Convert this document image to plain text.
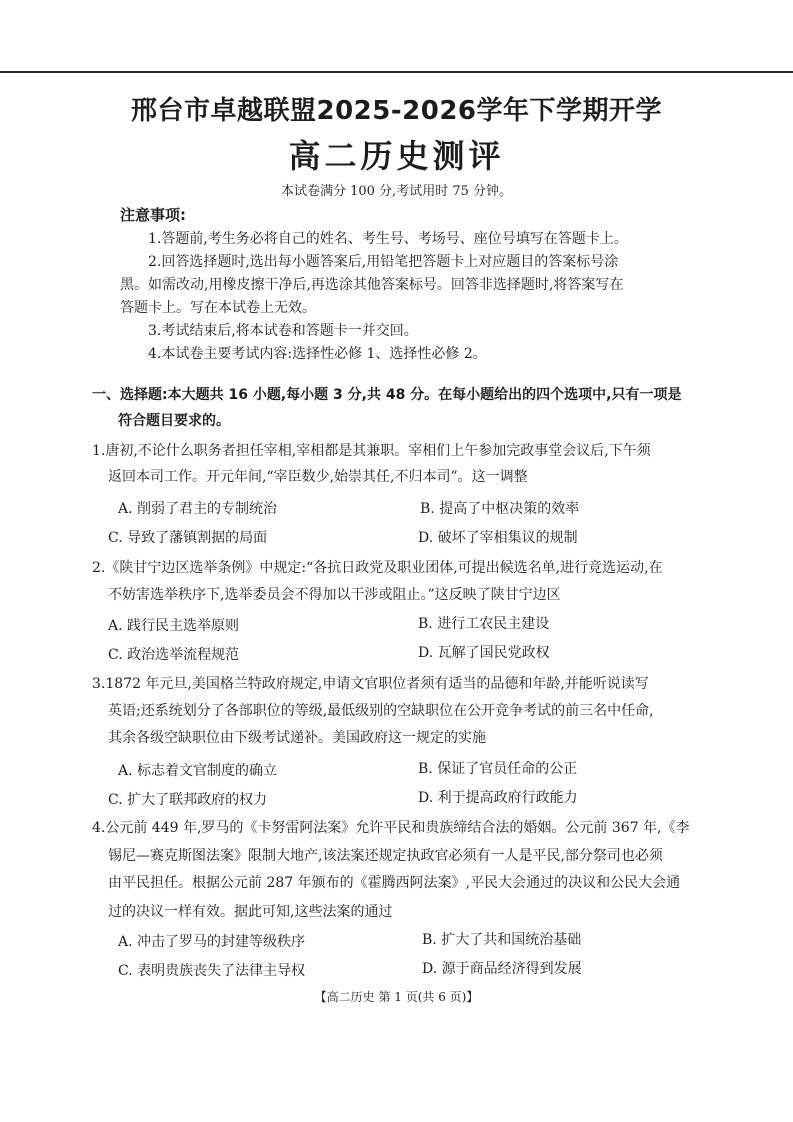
邢台市卓越联盟2025-2026学年下学期开学
高二历史测评
本试卷满分 100 分,考试用时 75 分钟。
注意事项:
1.答题前,考生务必将自己的姓名、考生号、考场号、座位号填写在答题卡上。
2.回答选择题时,选出每小题答案后,用铅笔把答题卡上对应题目的答案标号涂
黑。如需改动,用橡皮擦干净后,再选涂其他答案标号。回答非选择题时,将答案写在
答题卡上。写在本试卷上无效。
3.考试结束后,将本试卷和答题卡一并交回。
4.本试卷主要考试内容:选择性必修 1、选择性必修 2。
一、选择题:本大题共 16 小题,每小题 3 分,共 48 分。在每小题给出的四个选项中,只有一项是
符合题目要求的。
1.唐初,不论什么职务者担任宰相,宰相都是其兼职。宰相们上午参加完政事堂会议后,下午须
返回本司工作。开元年间,“宰臣数少,始崇其任,不归本司”。这一调整
A. 削弱了君主的专制统治	B. 提高了中枢决策的效率
C. 导致了藩镇割据的局面	D. 破坏了宰相集议的规制
2.《陕甘宁边区选举条例》中规定:“各抗日政党及职业团体,可提出候选名单,进行竞选运动,在
不妨害选举秩序下,选举委员会不得加以干涉或阻止。”这反映了陕甘宁边区
A. 践行民主选举原则	B. 进行工农民主建设
C. 政治选举流程规范	D. 瓦解了国民党政权
3.1872 年元旦,美国格兰特政府规定,申请文官职位者须有适当的品德和年龄,并能听说读写
英语;还系统划分了各部职位的等级,最低级别的空缺职位在公开竞争考试的前三名中任命,
其余各级空缺职位由下级考试递补。美国政府这一规定的实施
A. 标志着文官制度的确立	B. 保证了官员任命的公正
C. 扩大了联邦政府的权力	D. 利于提高政府行政能力
4.公元前 449 年,罗马的《卡努雷阿法案》允许平民和贵族缔结合法的婚姻。公元前 367 年,《李
锡尼—赛克斯图法案》限制大地产,该法案还规定执政官必须有一人是平民,部分祭司也必须
由平民担任。根据公元前 287 年颁布的《霍腾西阿法案》,平民大会通过的决议和公民大会通
过的决议一样有效。据此可知,这些法案的通过
A. 冲击了罗马的封建等级秩序	B. 扩大了共和国统治基础
C. 表明贵族丧失了法律主导权	D. 源于商品经济得到发展
【高二历史 第 1 页(共 6 页)】
